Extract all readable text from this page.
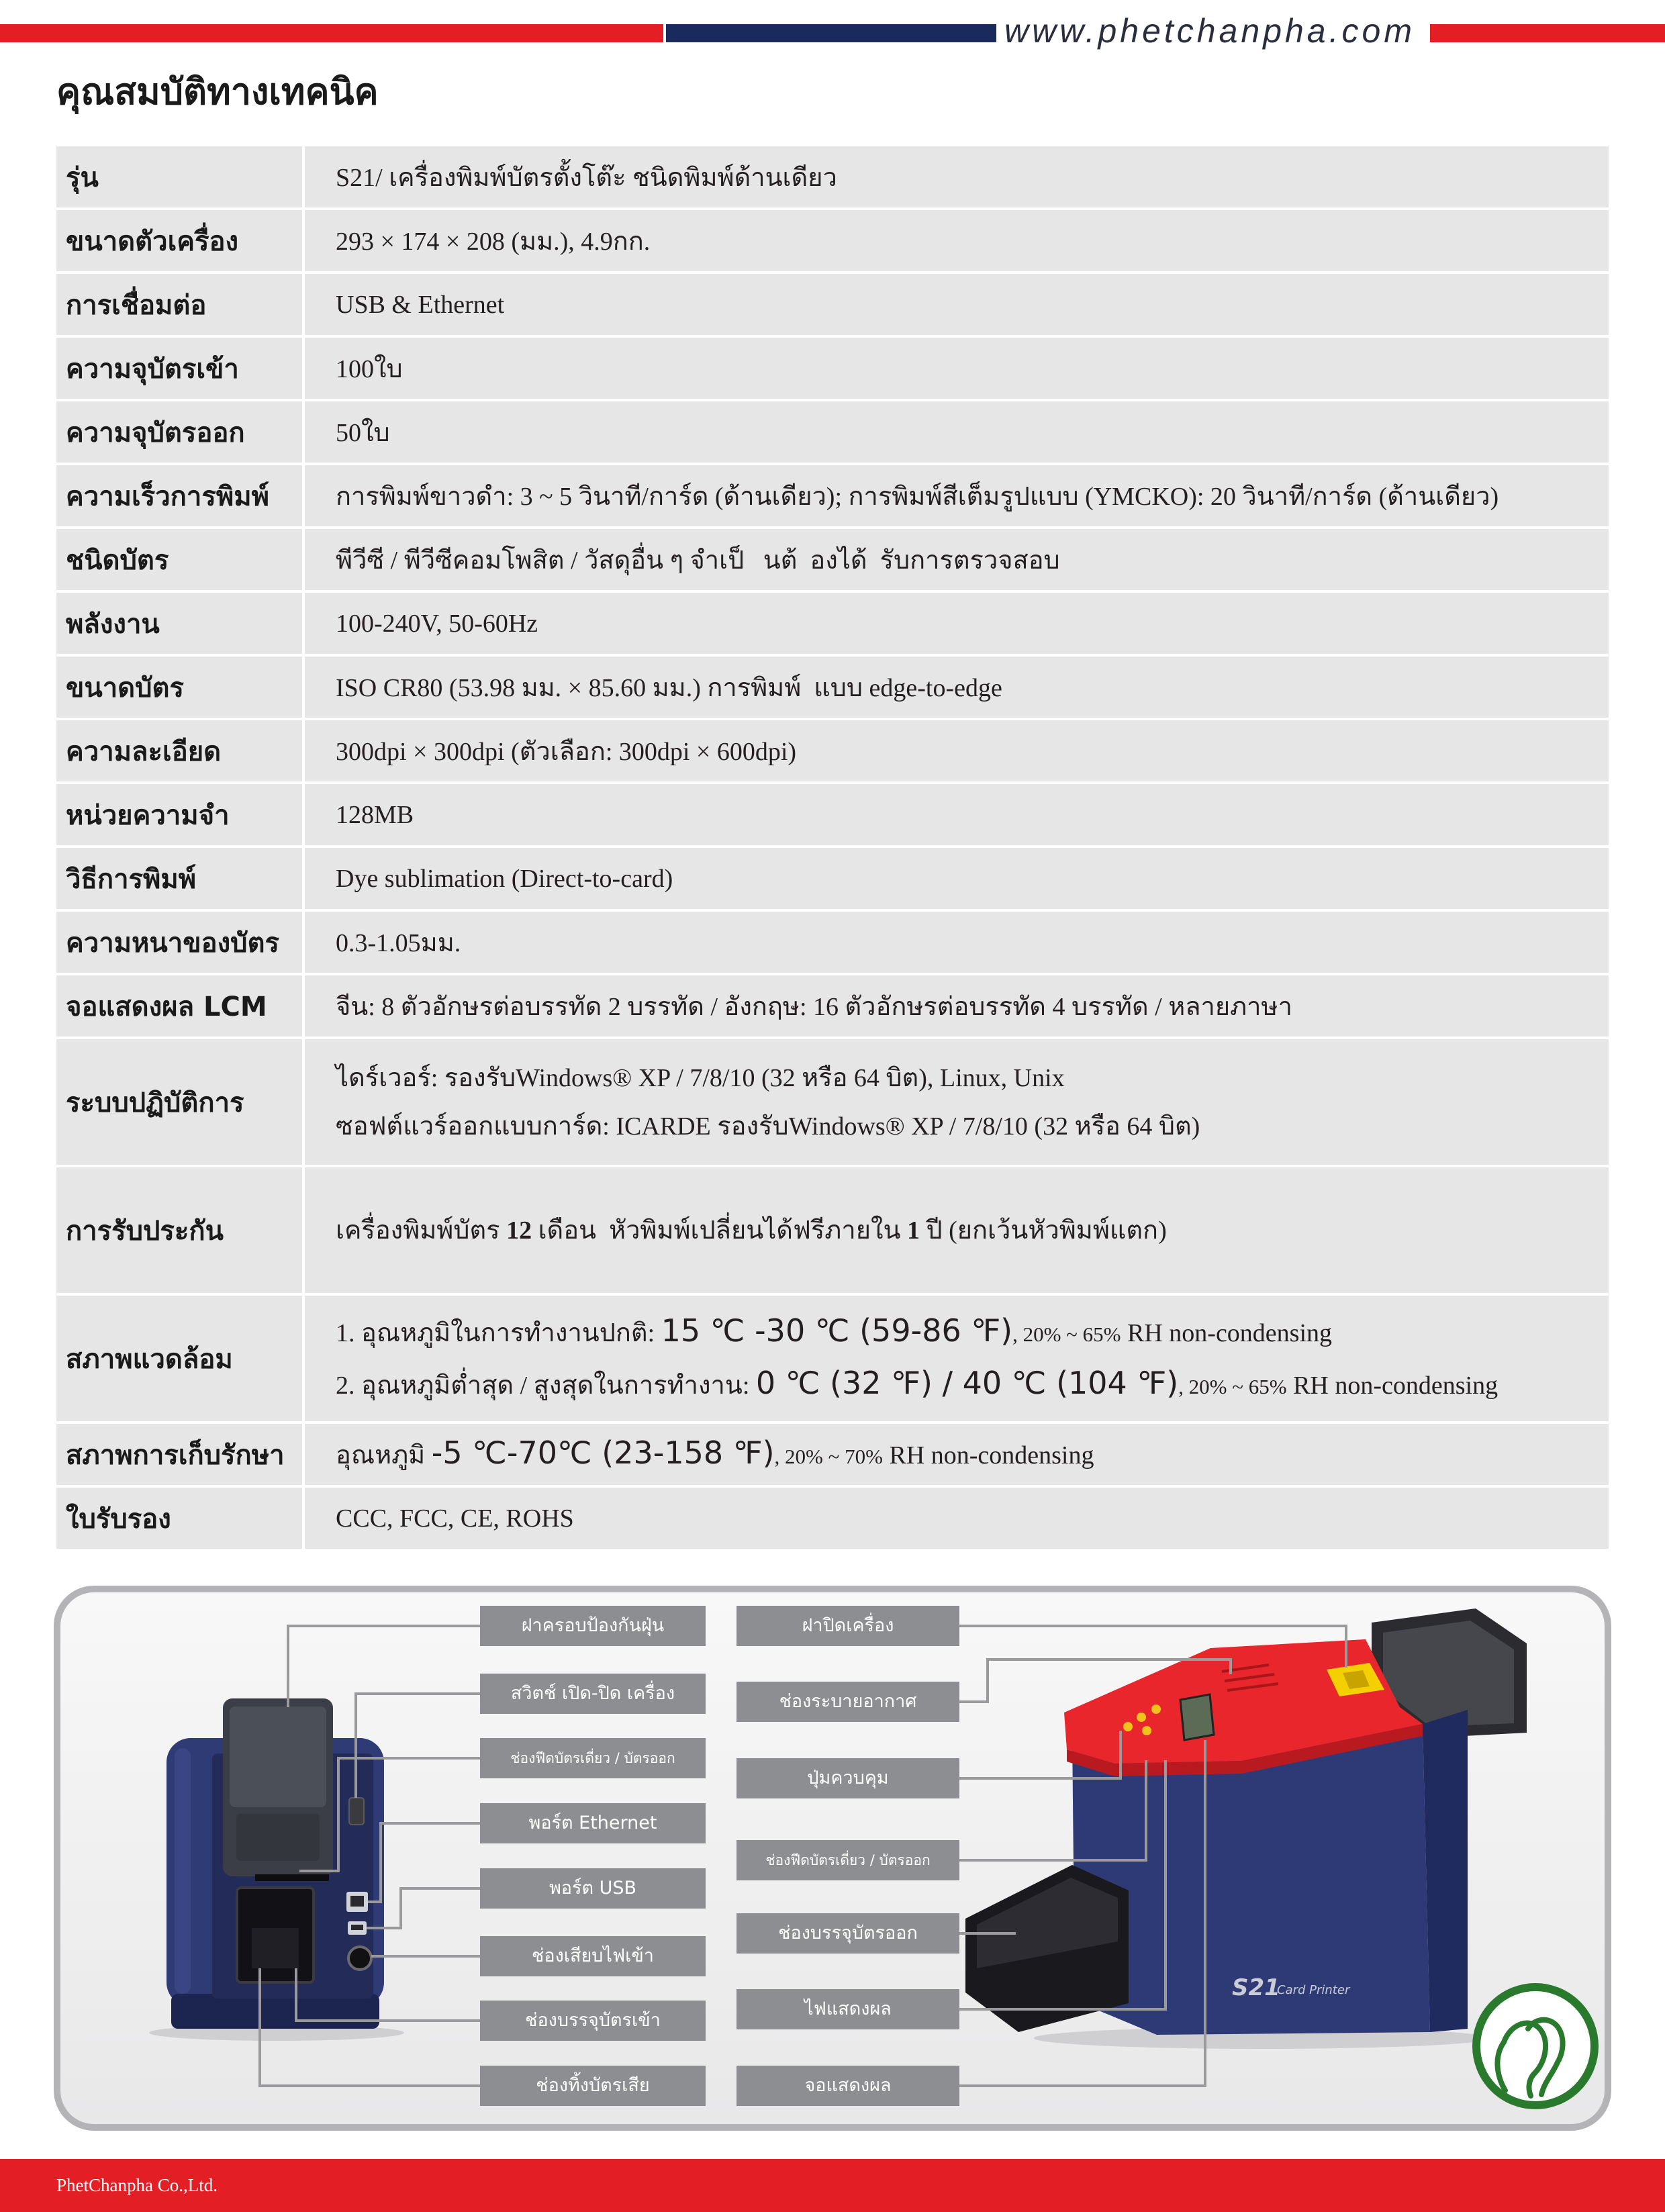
www.phetchanpha.com
คุณสมบัติทางเทคนิค
รุ่น	S21/ เครื่องพิมพ์บัตรตั้งโต๊ะ ชนิดพิมพ์ด้านเดียว
ขนาดตัวเครื่อง	293 × 174 × 208 (มม.), 4.9กก.
การเชื่อมต่อ	USB & Ethernet
ความจุบัตรเข้า	100ใบ
ความจุบัตรออก	50ใบ
ความเร็วการพิมพ์	การพิมพ์ขาวดำ: 3 ~ 5 วินาที/การ์ด (ด้านเดียว); การพิมพ์สีเต็มรูปแบบ (YMCKO): 20 วินาที/การ์ด (ด้านเดียว)
ชนิดบัตร	พีวีซี / พีวีซีคอมโพสิต / วัสดุอื่น ๆ จำเป็   นต้  องได้  รับการตรวจสอบ
พลังงาน	100-240V, 50-60Hz
ขนาดบัตร	ISO CR80 (53.98 มม. × 85.60 มม.) การพิมพ์  แบบ edge-to-edge
ความละเอียด	300dpi × 300dpi (ตัวเลือก: 300dpi × 600dpi)
หน่วยความจำ	128MB
วิธีการพิมพ์	Dye sublimation (Direct-to-card)
ความหนาของบัตร	0.3-1.05มม.
จอแสดงผล LCM	จีน: 8 ตัวอักษรต่อบรรทัด 2 บรรทัด / อังกฤษ: 16 ตัวอักษรต่อบรรทัด 4 บรรทัด / หลายภาษา
ระบบปฏิบัติการ
ไดร์เวอร์: รองรับWindows® XP / 7/8/10 (32 หรือ 64 บิต), Linux, Unix
ซอฟต์แวร์ออกแบบการ์ด: ICARDE รองรับWindows® XP / 7/8/10 (32 หรือ 64 บิต)
การรับประกัน	เครื่องพิมพ์บัตร 12 เดือน  หัวพิมพ์เปลี่ยนได้ฟรีภายใน 1 ปี (ยกเว้นหัวพิมพ์แตก)
สภาพแวดล้อม
1. อุณหภูมิในการทำงานปกติ: 15 ℃ -30 ℃ (59-86 ℉), 20% ~ 65% RH non-condensing
2. อุณหภูมิต่ำสุด / สูงสุดในการทำงาน: 0 ℃ (32 ℉) / 40 ℃ (104 ℉), 20% ~ 65% RH non-condensing
สภาพการเก็บรักษา	อุณหภูมิ -5 ℃-70℃ (23-158 ℉), 20% ~ 70% RH non-condensing
ใบรับรอง	CCC, FCC, CE, ROHS
S21
Card Printer
ฝาครอบป้องกันฝุ่น
สวิตช์ เปิด-ปิด เครื่อง
ช่องฟีดบัตรเดี่ยว / บัตรออก
พอร์ต Ethernet
พอร์ต USB
ช่องเสียบไฟเข้า
ช่องบรรจุบัตรเข้า
ช่องทิ้งบัตรเสีย
ฝาปิดเครื่อง
ช่องระบายอากาศ
ปุ่มควบคุม
ช่องฟีดบัตรเดี่ยว / บัตรออก
ช่องบรรจุบัตรออก
ไฟแสดงผล
จอแสดงผล
PhetChanpha Co.,Ltd.
